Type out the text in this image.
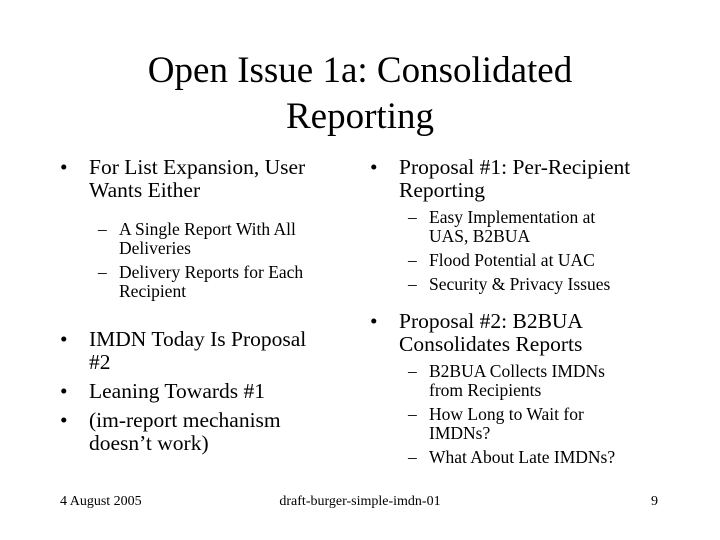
Open Issue 1a: Consolidated
Reporting
• For List Expansion, User
Wants Either
– A Single Report With All
Deliveries
– Delivery Reports for Each
Recipient
• IMDN Today Is Proposal
#2
• Leaning Towards #1
• (im-report mechanism
doesn’t work)
• Proposal #1: Per-Recipient
Reporting
– Easy Implementation at
UAS, B2BUA
– Flood Potential at UAC
– Security & Privacy Issues
• Proposal #2: B2BUA
Consolidates Reports
– B2BUA Collects IMDNs
from Recipients
– How Long to Wait for
IMDNs?
– What About Late IMDNs?
4 August 2005	draft-burger-simple-imdn-01	9
